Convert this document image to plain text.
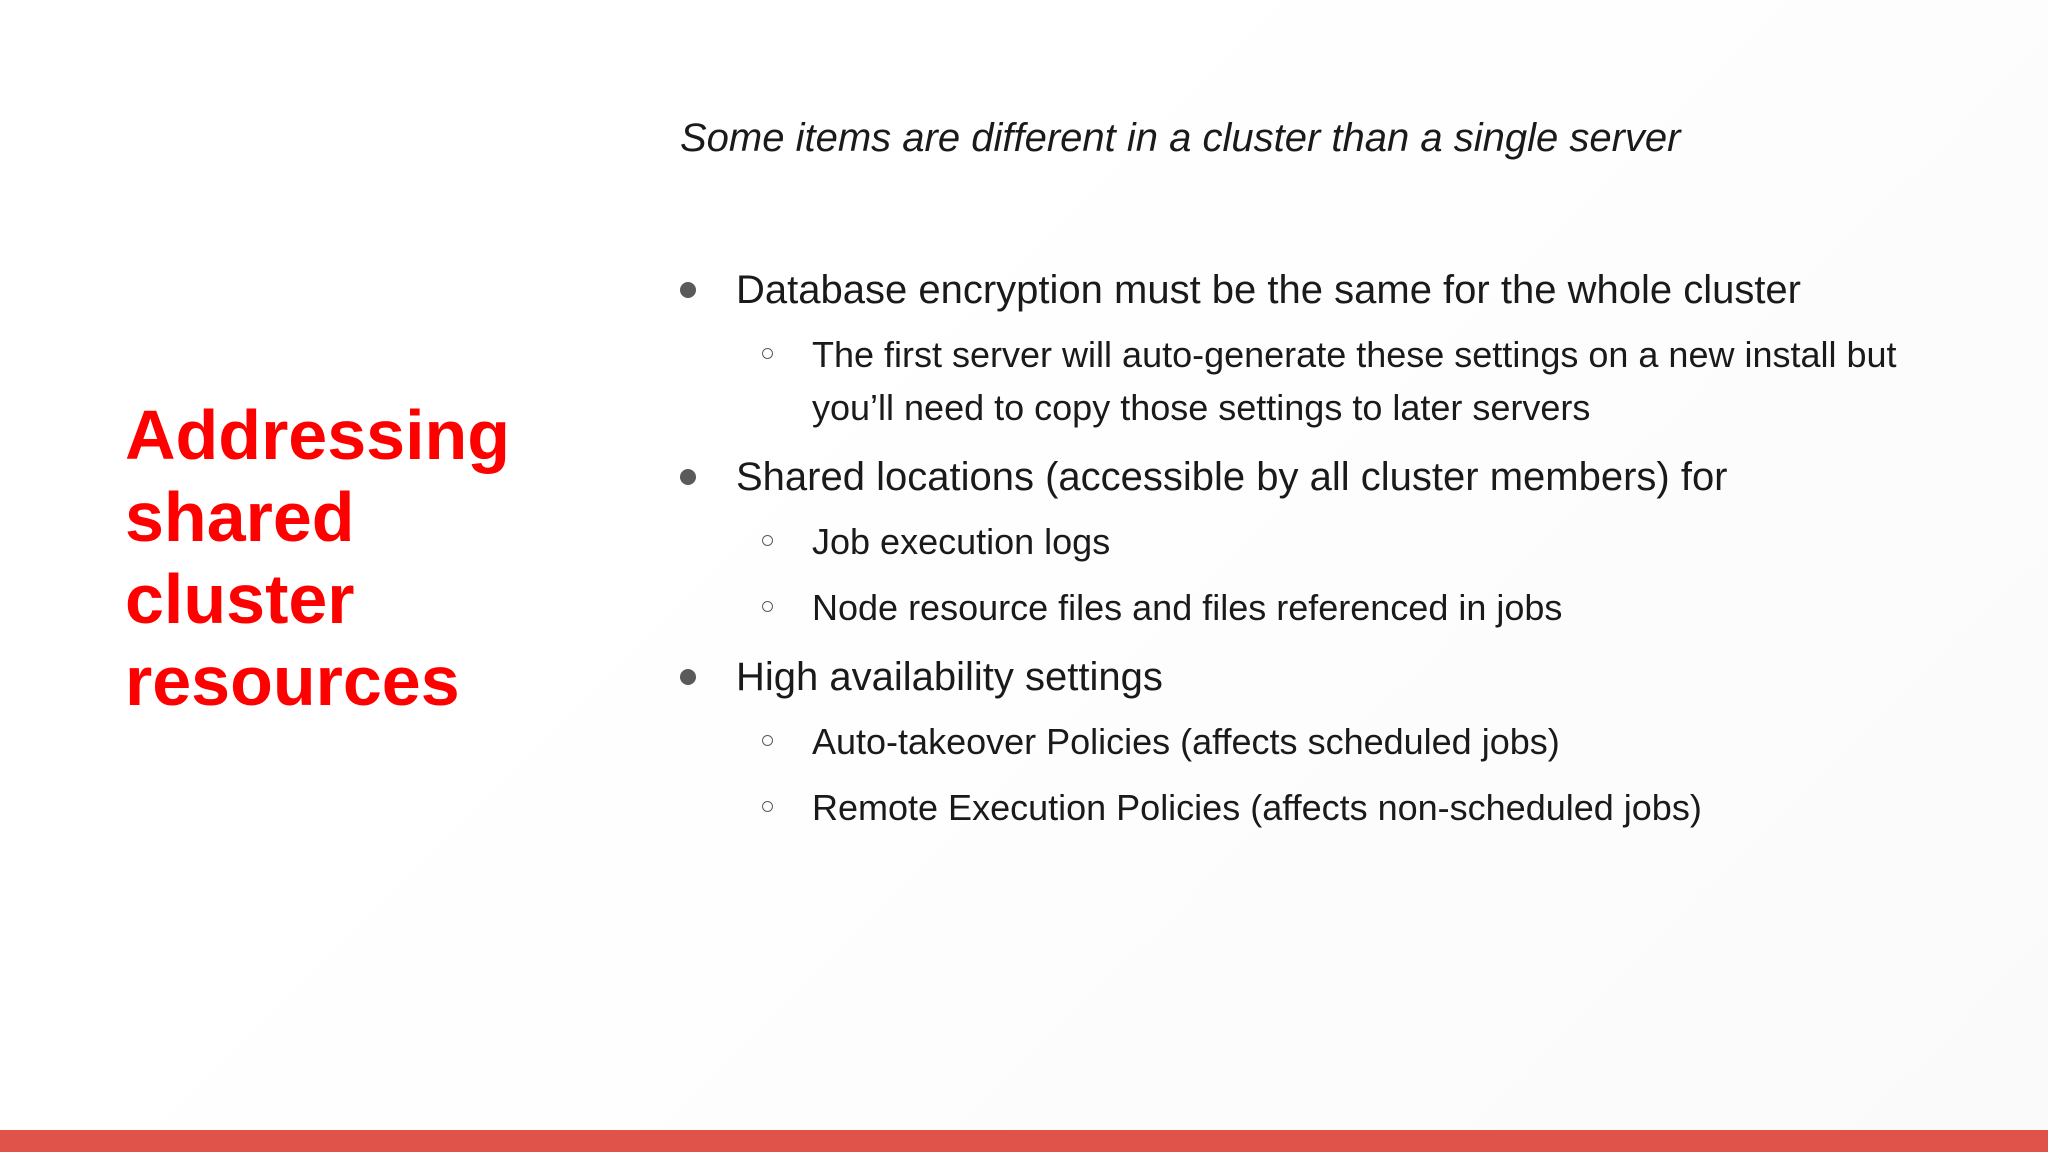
Addressing
shared
cluster
resources
Some items are different in a cluster than a single server
Database encryption must be the same for the whole cluster
The first server will auto-generate these settings on a new install but you’ll need to copy those settings to later servers
Shared locations (accessible by all cluster members) for
Job execution logs
Node resource files and files referenced in jobs
High availability settings
Auto-takeover Policies (affects scheduled jobs)
Remote Execution Policies (affects non-scheduled jobs)
